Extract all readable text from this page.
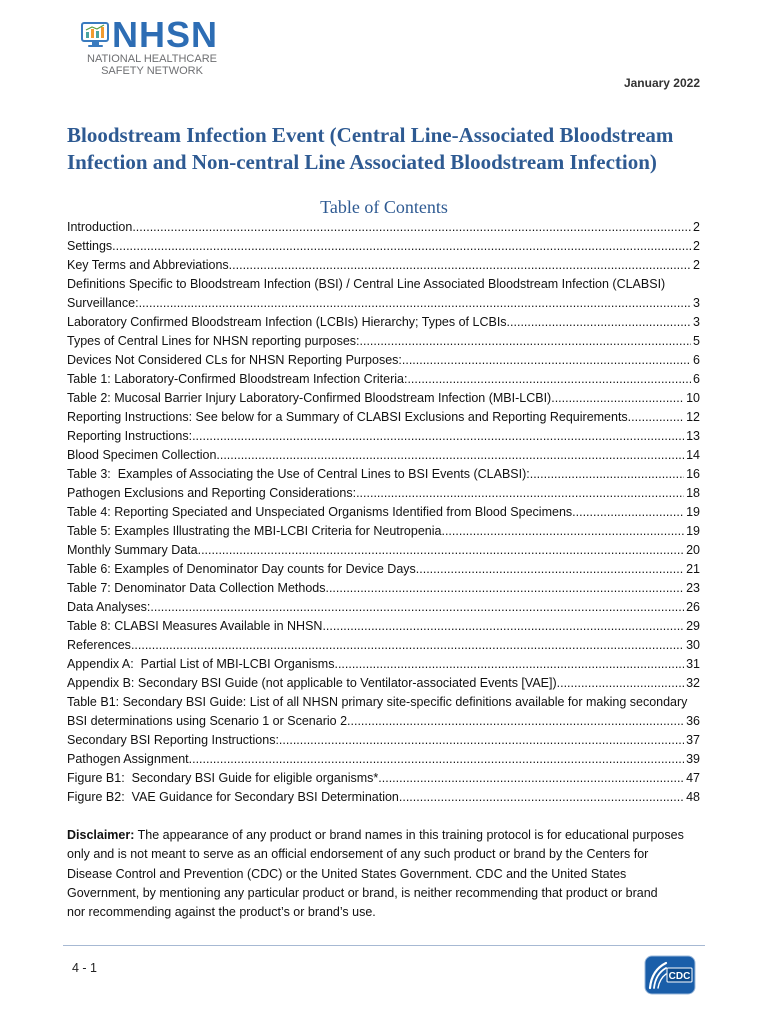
NHSN
NATIONAL HEALTHCARE
SAFETY NETWORK
January 2022
Bloodstream Infection Event (Central Line-Associated Bloodstream Infection and Non-central Line Associated Bloodstream Infection)
Table of Contents
Introduction .....	2
Settings .....	2
Key Terms and Abbreviations .....	2
Definitions Specific to Bloodstream Infection (BSI) / Central Line Associated Bloodstream Infection (CLABSI)
Surveillance: .....	3
Laboratory Confirmed Bloodstream Infection (LCBIs) Hierarchy; Types of LCBIs .....	3
Types of Central Lines for NHSN reporting purposes: .....	5
Devices Not Considered CLs for NHSN Reporting Purposes: .....	6
Table 1: Laboratory-Confirmed Bloodstream Infection Criteria: .....	6
Table 2: Mucosal Barrier Injury Laboratory-Confirmed Bloodstream Infection (MBI-LCBI) .....	10
Reporting Instructions: See below for a Summary of CLABSI Exclusions and Reporting Requirements. .....	12
Reporting Instructions: .....	13
Blood Specimen Collection .....	14
Table 3:  Examples of Associating the Use of Central Lines to BSI Events (CLABSI): .....	16
Pathogen Exclusions and Reporting Considerations: .....	18
Table 4: Reporting Speciated and Unspeciated Organisms Identified from Blood Specimens .....	19
Table 5: Examples Illustrating the MBI-LCBI Criteria for Neutropenia .....	19
Monthly Summary Data .....	20
Table 6: Examples of Denominator Day counts for Device Days .....	21
Table 7: Denominator Data Collection Methods .....	23
Data Analyses: .....	26
Table 8: CLABSI Measures Available in NHSN .....	29
References .....	30
Appendix A:  Partial List of MBI-LCBI Organisms .....	31
Appendix B: Secondary BSI Guide (not applicable to Ventilator-associated Events [VAE]) .....	32
Table B1: Secondary BSI Guide: List of all NHSN primary site-specific definitions available for making secondary
BSI determinations using Scenario 1 or Scenario 2 .....	36
Secondary BSI Reporting Instructions: .....	37
Pathogen Assignment .....	39
Figure B1:  Secondary BSI Guide for eligible organisms* .....	47
Figure B2:  VAE Guidance for Secondary BSI Determination .....	48
Disclaimer: The appearance of any product or brand names in this training protocol is for educational purposes
only and is not meant to serve as an official endorsement of any such product or brand by the Centers for
Disease Control and Prevention (CDC) or the United States Government. CDC and the United States
Government, by mentioning any particular product or brand, is neither recommending that product or brand
nor recommending against the product’s or brand’s use.
4 - 1
CDC
